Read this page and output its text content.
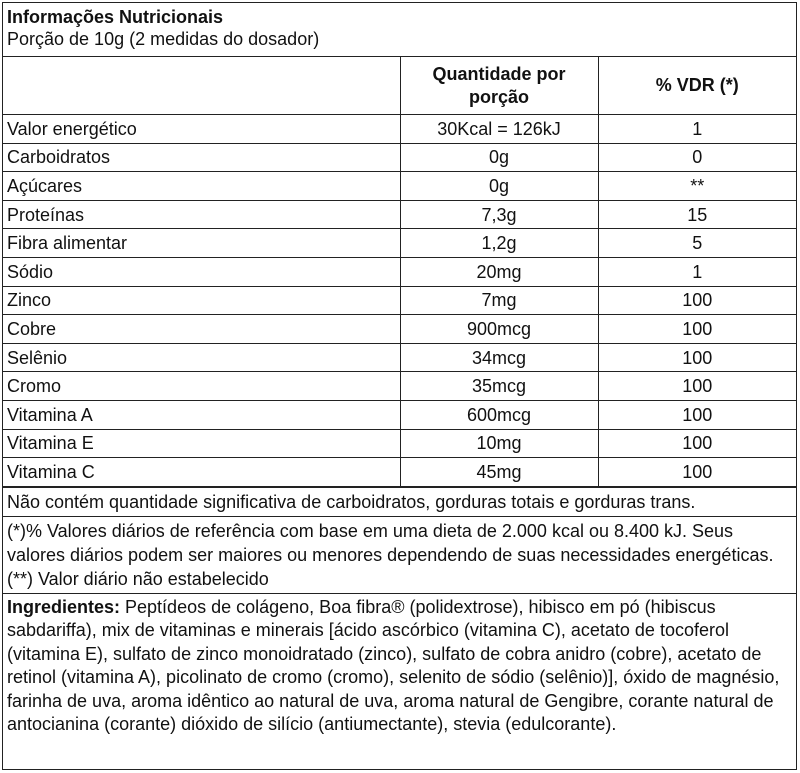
Informações Nutricionais
Porção de 10g (2 medidas do dosador)
	Quantidade por porção	% VDR (*)
Valor energético	30Kcal = 126kJ	1
Carboidratos	0g	0
Açúcares	0g	**
Proteínas	7,3g	15
Fibra alimentar	1,2g	5
Sódio	20mg	1
Zinco	7mg	100
Cobre	900mcg	100
Selênio	34mcg	100
Cromo	35mcg	100
Vitamina A	600mcg	100
Vitamina E	10mg	100
Vitamina C	45mg	100
Não contém quantidade significativa de carboidratos, gorduras totais e gorduras trans.
(*)% Valores diários de referência com base em uma dieta de 2.000 kcal ou 8.400 kJ. Seus valores diários podem ser maiores ou menores dependendo de suas necessidades energéticas.
(**) Valor diário não estabelecido
Ingredientes: Peptídeos de colágeno, Boa fibra® (polidextrose), hibisco em pó (hibiscus sabdariffa), mix de vitaminas e minerais [ácido ascórbico (vitamina C), acetato de tocoferol (vitamina E), sulfato de zinco monoidratado (zinco), sulfato de cobra anidro (cobre), acetato de retinol (vitamina A), picolinato de cromo (cromo), selenito de sódio (selênio)], óxido de magnésio, farinha de uva, aroma idêntico ao natural de uva, aroma natural de Gengibre, corante natural de antocianina (corante) dióxido de silício (antiumectante), stevia (edulcorante).
